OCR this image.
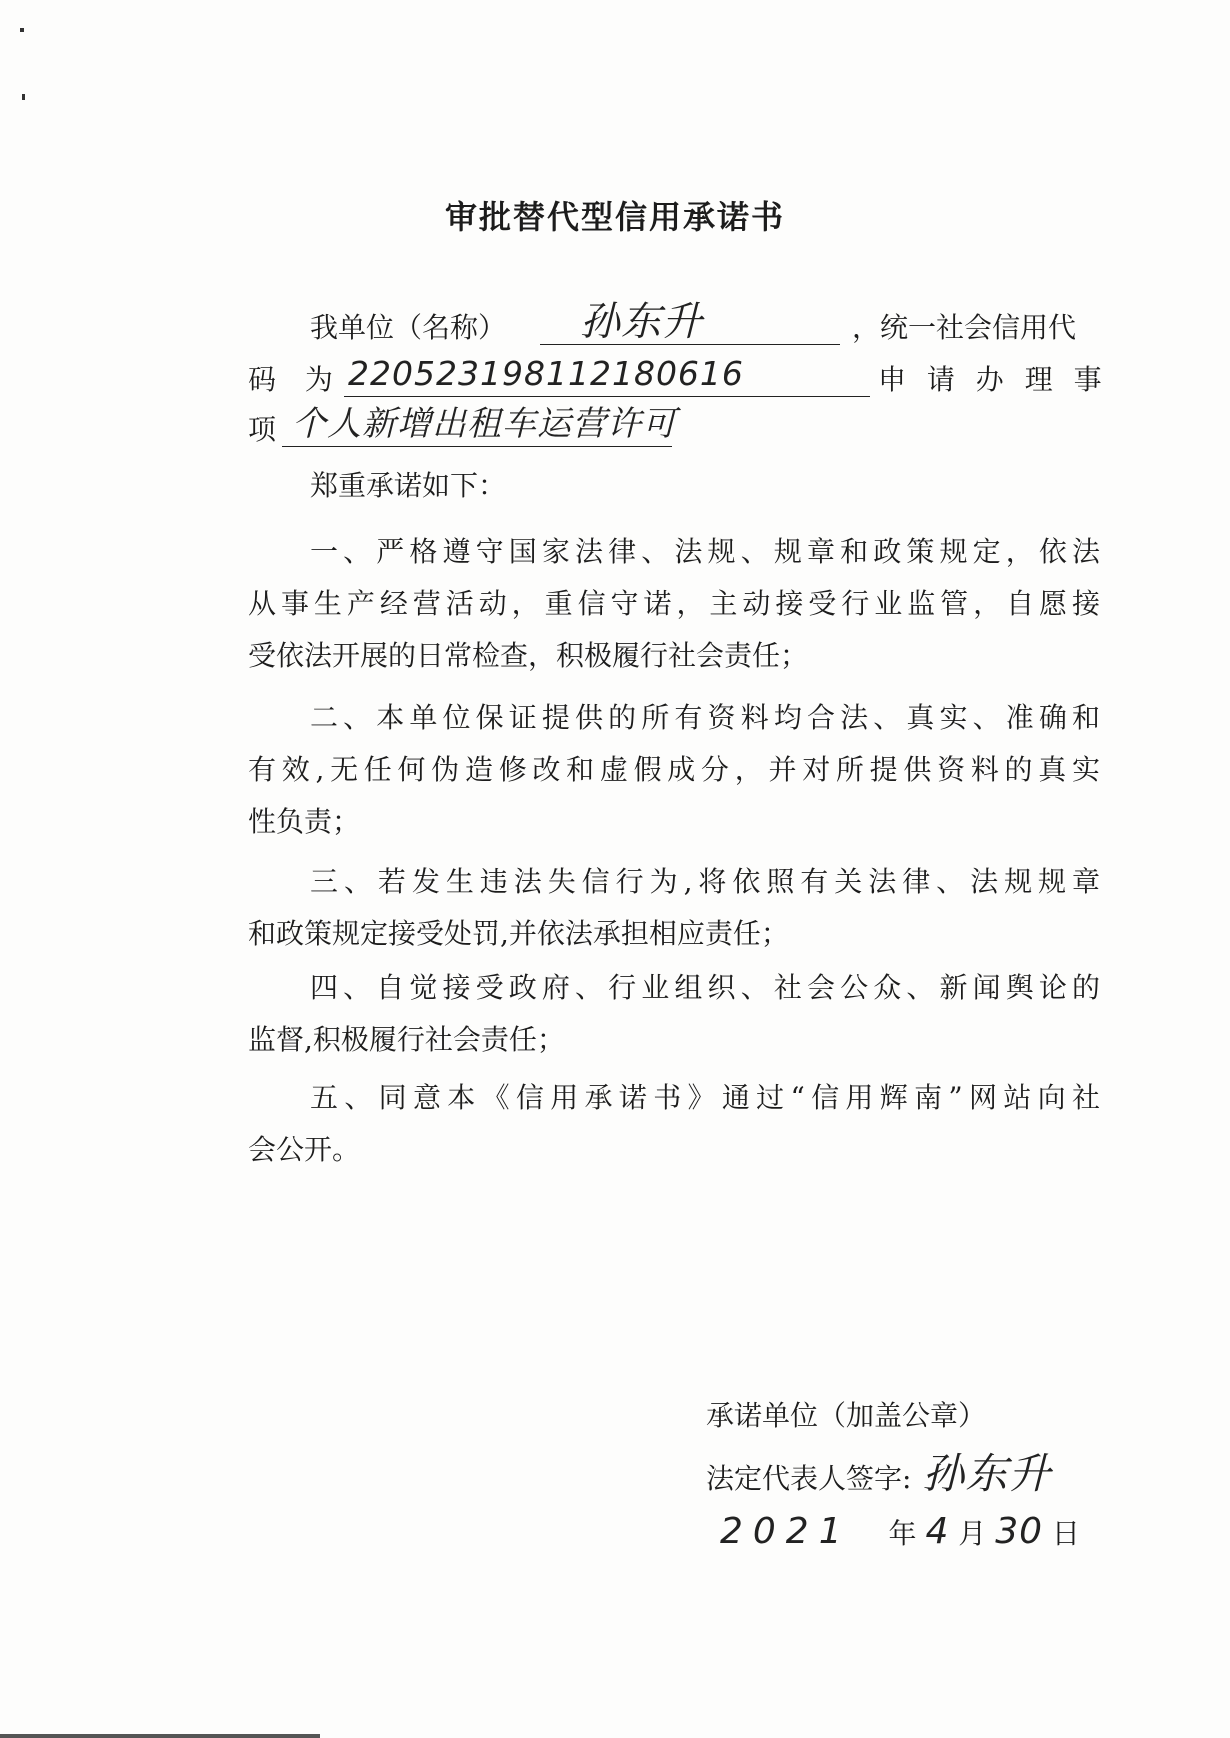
审批替代型信用承诺书
我单位（名称） 孙东升	，统一社会信用代
码 为 220523198112180616	申 请 办 理 事
项 个人新增出租车运营许可
郑重承诺如下：
一、严格遵守国家法律、法规、规章和政策规定，依法
从事生产经营活动，重信守诺，主动接受行业监管，自愿接
受依法开展的日常检查，积极履行社会责任；
二、本单位保证提供的所有资料均合法、真实、准确和
有效,无任何伪造修改和虚假成分，并对所提供资料的真实
性负责；
三、若发生违法失信行为,将依照有关法律、法规规章
和政策规定接受处罚,并依法承担相应责任；
四、自觉接受政府、行业组织、社会公众、新闻舆论的
监督,积极履行社会责任；
五、同意本《信用承诺书》通过“信用辉南”网站向社
会公开。
承诺单位（加盖公章）
法定代表人签字: 孙东升
2021 年 4 月 30 日
